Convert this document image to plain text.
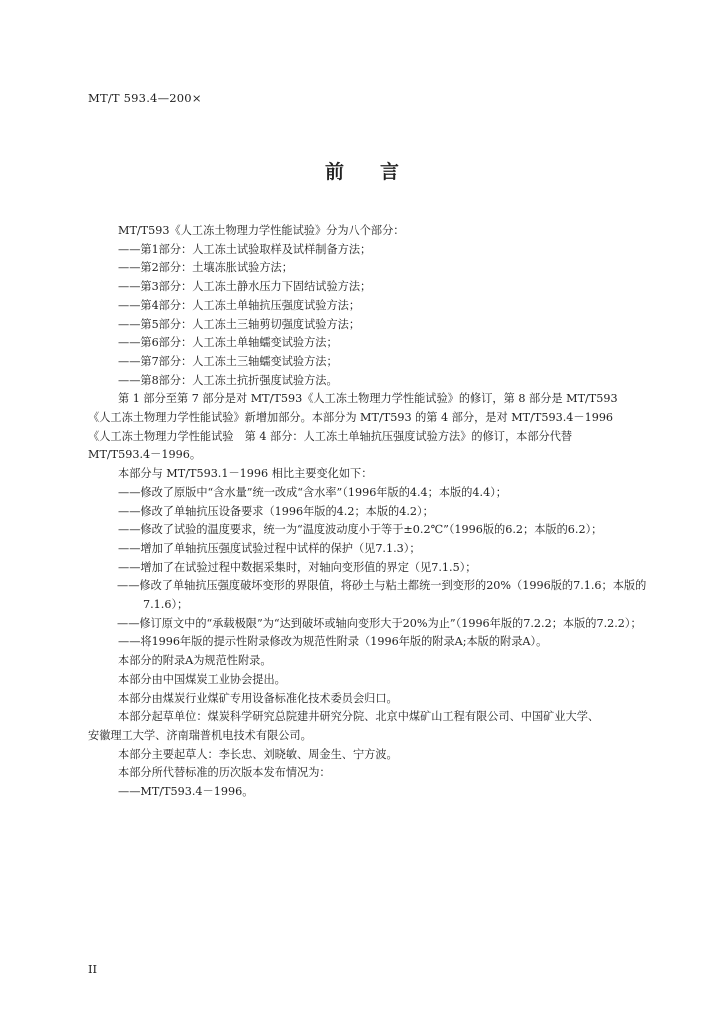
MT/T 593.4—200×
前言

MT/T593《人工冻土物理力学性能试验》分为八个部分：

——第1部分：人工冻土试验取样及试样制备方法；

——第2部分：土壤冻胀试验方法；

——第3部分：人工冻土静水压力下固结试验方法；

——第4部分：人工冻土单轴抗压强度试验方法；

——第5部分：人工冻土三轴剪切强度试验方法；

——第6部分：人工冻土单轴蠕变试验方法；

——第7部分：人工冻土三轴蠕变试验方法；

——第8部分：人工冻土抗折强度试验方法。

第 1 部分至第 7 部分是对 MT/T593《人工冻土物理力学性能试验》的修订，第 8 部分是 MT/T593

《人工冻土物理力学性能试验》新增加部分。本部分为 MT/T593 的第 4 部分，是对 MT/T593.4－1996

《人工冻土物理力学性能试验　第 4 部分：人工冻土单轴抗压强度试验方法》的修订，本部分代替

MT/T593.4－1996。

本部分与 MT/T593.1－1996 相比主要变化如下：

——修改了原版中“含水量”统一改成“含水率”（1996年版的4.4；本版的4.4）；

——修改了单轴抗压设备要求（1996年版的4.2；本版的4.2）；

——修改了试验的温度要求，统一为“温度波动度小于等于±0.2℃”（1996版的6.2；本版的6.2）；

——增加了单轴抗压强度试验过程中试样的保护（见7.1.3）；

——增加了在试验过程中数据采集时，对轴向变形值的界定（见7.1.5）；

——修改了单轴抗压强度破坏变形的界限值，将砂土与粘土都统一到变形的20%（1996版的7.1.6；本版的7.1.6）；

——修订原文中的“承载极限”为“达到破坏或轴向变形大于20%为止”（1996年版的7.2.2；本版的7.2.2）；

——将1996年版的提示性附录修改为规范性附录（1996年版的附录A;本版的附录A）。

本部分的附录A为规范性附录。

本部分由中国煤炭工业协会提出。

本部分由煤炭行业煤矿专用设备标准化技术委员会归口。

本部分起草单位：煤炭科学研究总院建井研究分院、北京中煤矿山工程有限公司、中国矿业大学、

安徽理工大学、济南瑞普机电技术有限公司。

本部分主要起草人：李长忠、刘晓敏、周金生、宁方波。

本部分所代替标准的历次版本发布情况为：

——MT/T593.4－1996。

II
